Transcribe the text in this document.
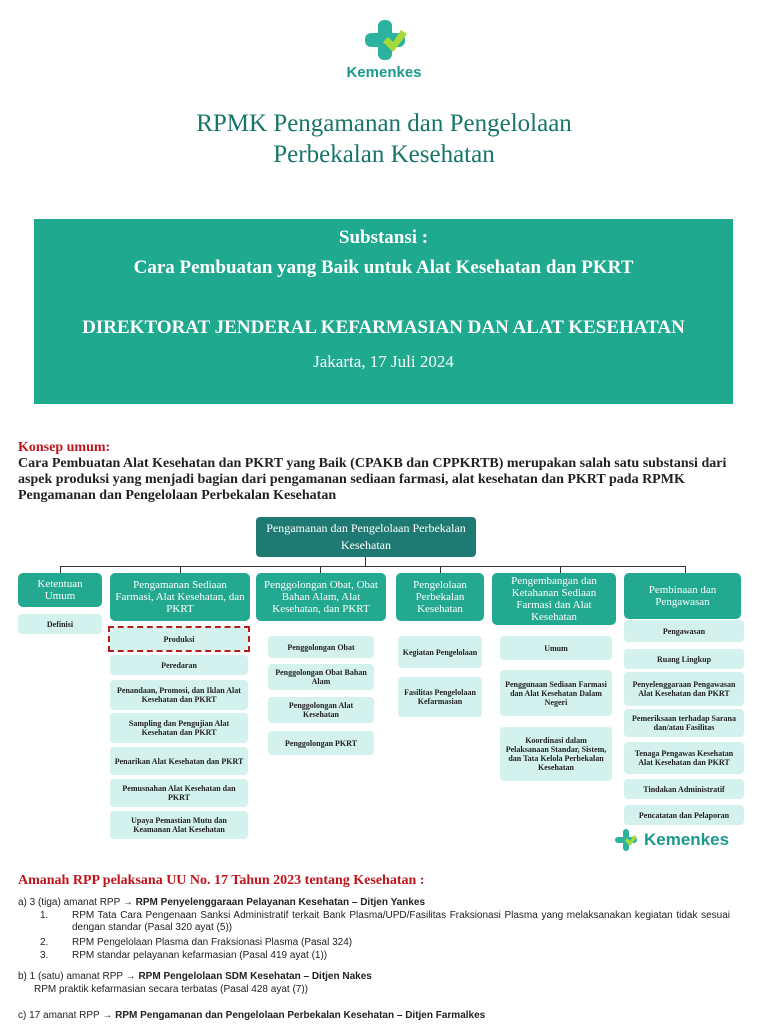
Kemenkes
RPMK Pengamanan dan Pengelolaan
Perbekalan Kesehatan
Substansi :
Cara Pembuatan yang Baik untuk Alat Kesehatan dan PKRT
DIREKTORAT JENDERAL KEFARMASIAN DAN ALAT KESEHATAN
Jakarta, 17 Juli 2024
Konsep umum:
Cara Pembuatan Alat Kesehatan dan PKRT yang Baik (CPAKB dan CPPKRTB) merupakan salah satu substansi dari aspek produksi yang menjadi bagian dari pengamanan sediaan farmasi, alat kesehatan dan PKRT pada RPMK Pengamanan dan Pengelolaan Perbekalan Kesehatan
Pengamanan dan Pengelolaan Perbekalan Kesehatan
Ketentuan Umum
Definisi
Pengamanan Sediaan Farmasi, Alat Kesehatan, dan PKRT
Produksi
Peredaran
Penandaan, Promosi, dan Iklan Alat Kesehatan dan PKRT
Sampling dan Pengujian Alat Kesehatan dan PKRT
Penarikan Alat Kesehatan dan PKRT
Pemusnahan Alat Kesehatan dan PKRT
Upaya Pemastian Mutu dan Keamanan Alat Kesehatan
Penggolongan Obat, Obat Bahan Alam, Alat Kesehatan, dan PKRT
Penggolongan Obat
Penggolongan Obat Bahan Alam
Penggolongan Alat Kesehatan
Penggolongan PKRT
Pengelolaan Perbekalan Kesehatan
Kegiatan Pengelolaan
Fasilitas Pengelolaan Kefarmasian
Pengembangan dan Ketahanan Sediaan Farmasi dan Alat Kesehatan
Umum
Penggunaan Sediaan Farmasi dan Alat Kesehatan Dalam Negeri
Koordinasi dalam Pelaksanaan Standar, Sistem, dan Tata Kelola Perbekalan Kesehatan
Pembinaan dan Pengawasan
Pengawasan
Ruang Lingkup
Penyelenggaraan Pengawasan Alat Kesehatan dan PKRT
Pemeriksaan terhadap Sarana dan/atau Fasilitas
Tenaga Pengawas Kesehatan Alat Kesehatan dan PKRT
Tindakan Administratif
Pencatatan dan Pelaporan
Kemenkes
Amanah RPP pelaksana UU No. 17 Tahun 2023 tentang Kesehatan :
a) 3 (tiga) amanat RPP → RPM Penyelenggaraan Pelayanan Kesehatan – Ditjen Yankes
1.	RPM Tata Cara Pengenaan Sanksi Administratif terkait Bank Plasma/UPD/Fasilitas Fraksionasi Plasma yang melaksanakan kegiatan tidak sesuai dengan standar (Pasal 320 ayat (5))
2.	RPM Pengelolaan Plasma dan Fraksionasi Plasma (Pasal 324)
3.	RPM standar pelayanan kefarmasian (Pasal 419 ayat (1))
b) 1 (satu) amanat RPP → RPM Pengelolaan SDM Kesehatan – Ditjen Nakes
RPM praktik kefarmasian secara terbatas (Pasal 428 ayat (7))
c) 17 amanat RPP → RPM Pengamanan dan Pengelolaan Perbekalan Kesehatan – Ditjen Farmalkes
